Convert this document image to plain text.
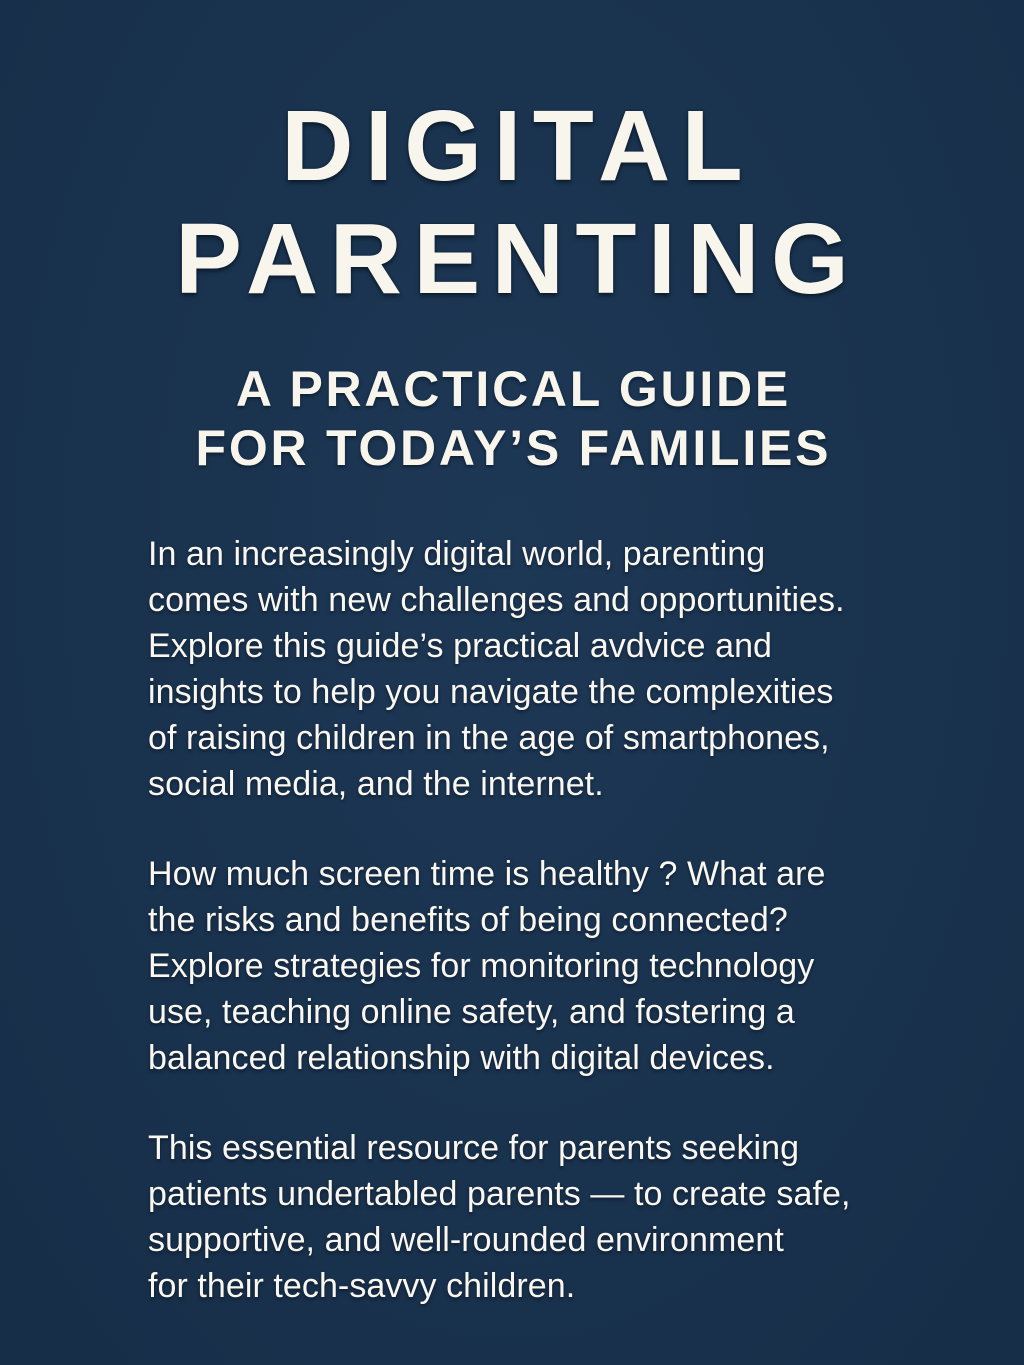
DIGITAL
PARENTING
A PRACTICAL GUIDE
FOR TODAY’S FAMILIES

In an increasingly digital world, parenting
comes with new challenges and opportunities.
Explore this guide’s practical avdvice and
insights to help you navigate the complexities
of raising children in the age of smartphones,
social media, and the internet.

How much screen time is healthy ? What are
the risks and benefits of being connected?
Explore strategies for monitoring technology
use, teaching online safety, and fostering a
balanced relationship with digital devices.

This essential resource for parents seeking
patients undertabled parents — to create safe,
supportive, and well-rounded environment
for their tech-savvy children.
